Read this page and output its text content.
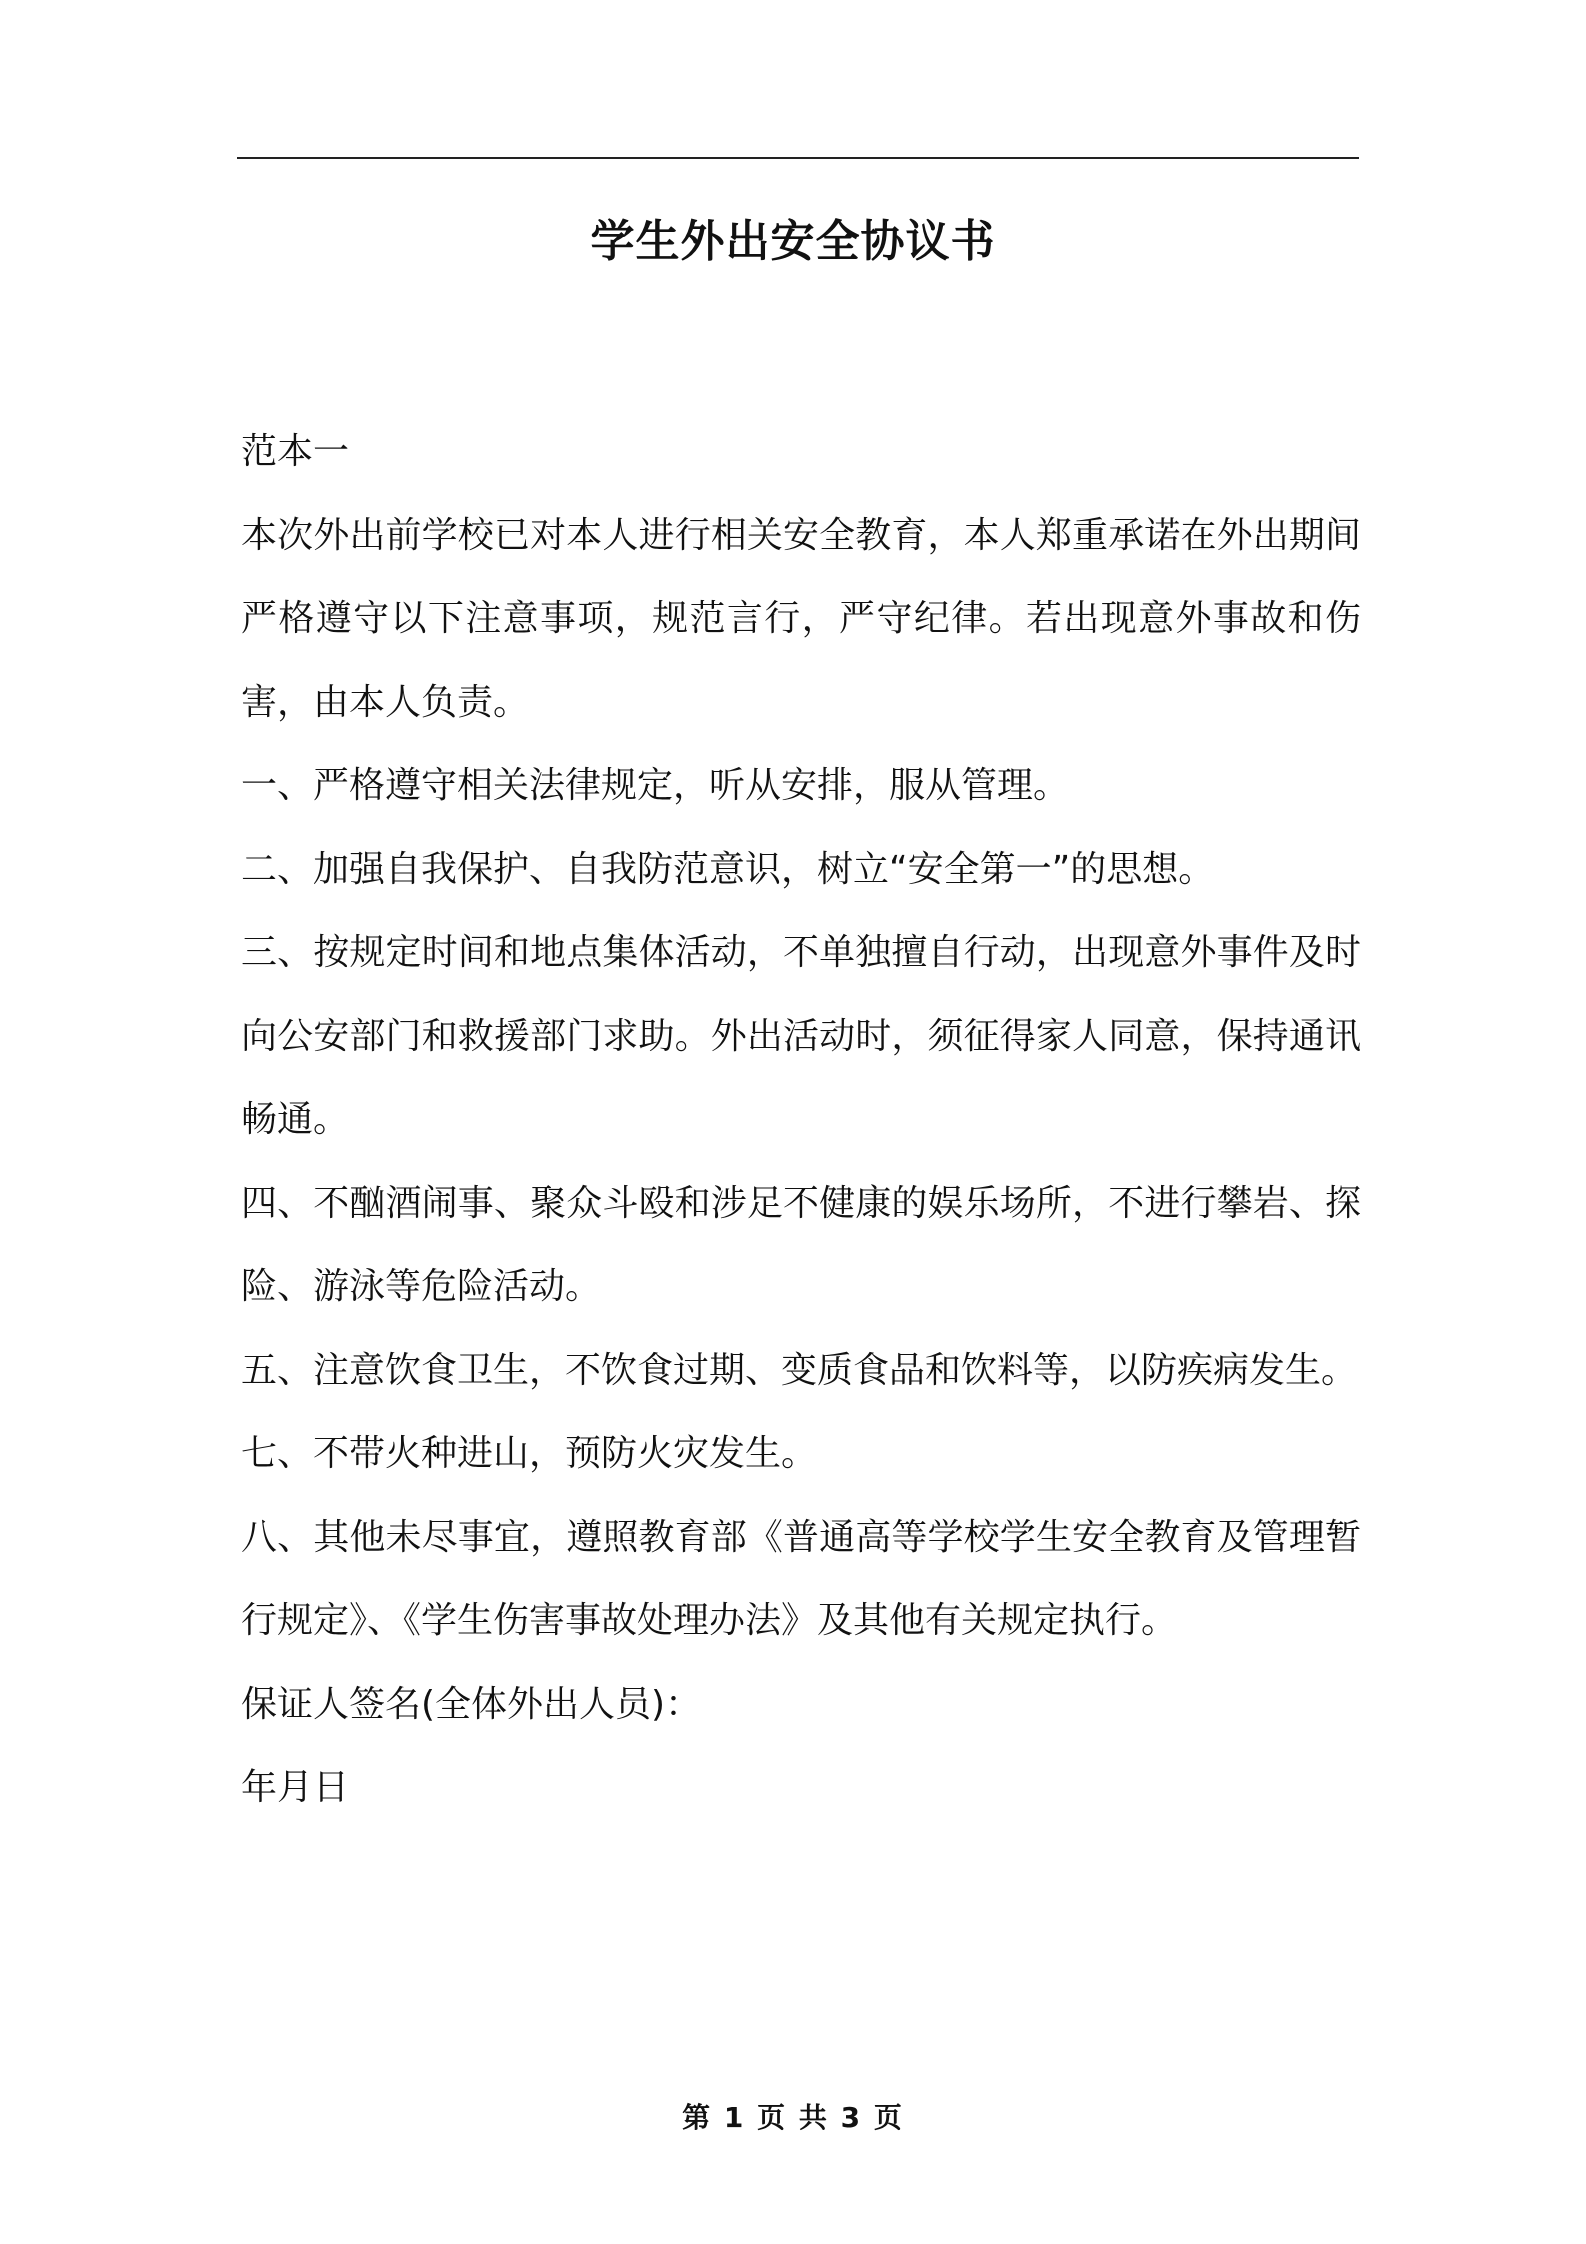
学生外出安全协议书

范本一

本次外出前学校已对本人进行相关安全教育，本人郑重承诺在外出期间严格遵守以下注意事项，规范言行，严守纪律。若出现意外事故和伤害，由本人负责。

一、严格遵守相关法律规定，听从安排，服从管理。

二、加强自我保护、自我防范意识，树立“安全第一”的思想。

三、按规定时间和地点集体活动，不单独擅自行动，出现意外事件及时向公安部门和救援部门求助。外出活动时，须征得家人同意，保持通讯畅通。

四、不酗酒闹事、聚众斗殴和涉足不健康的娱乐场所，不进行攀岩、探险、游泳等危险活动。

五、注意饮食卫生，不饮食过期、变质食品和饮料等，以防疾病发生。

七、不带火种进山，预防火灾发生。

八、其他未尽事宜，遵照教育部《普通高等学校学生安全教育及管理暂行规定》、《学生伤害事故处理办法》及其他有关规定执行。

保证人签名(全体外出人员)：

年月日

第 1 页 共 3 页
